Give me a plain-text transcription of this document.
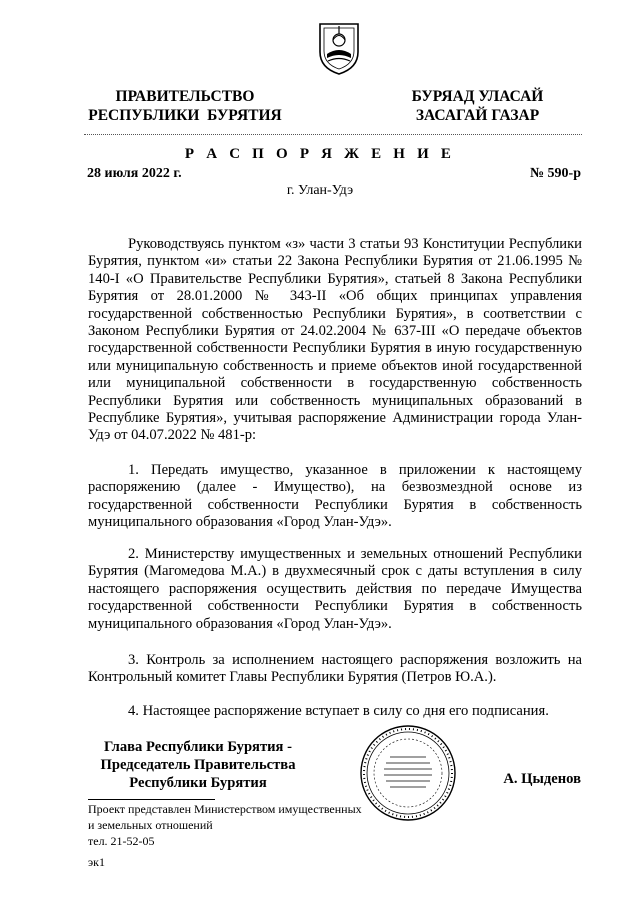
ПРАВИТЕЛЬСТВО
РЕСПУБЛИКИ  БУРЯТИЯ
БУРЯАД УЛАСАЙ
ЗАСАГАЙ ГАЗАР
Р А С П О Р Я Ж Е Н И Е
28 июля 2022 г.	№ 590-р
г. Улан-Удэ
Руководствуясь пунктом «з» части 3 статьи 93 Конституции Республики Бурятия, пунктом «и» статьи 22 Закона Республики Бурятия от 21.06.1995 № 140-I «О Правительстве Республики Бурятия», статьей 8 Закона Республики Бурятия от 28.01.2000 № 343-II «Об общих принципах управления государственной собственностью Республики Бурятия», в соответствии с Законом Республики Бурятия от 24.02.2004 № 637-III «О передаче объектов государственной собственности Республики Бурятия в иную государственную или муниципальную собственность и приеме объектов иной государственной или муниципальной собственности в государственную собственность Республики Бурятия или собственность муниципальных образований в Республике Бурятия», учитывая распоряжение Администрации города Улан-Удэ от 04.07.2022 № 481-р:
1. Передать имущество, указанное в приложении к настоящему распоряжению (далее - Имущество), на безвозмездной основе из государственной собственности Республики Бурятия в собственность муниципального образования «Город Улан-Удэ».
2. Министерству имущественных и земельных отношений Республики Бурятия (Магомедова М.А.) в двухмесячный срок с даты вступления в силу настоящего распоряжения осуществить действия по передаче Имущества государственной собственности Республики Бурятия в собственность муниципального образования «Город Улан-Удэ».
3. Контроль за исполнением настоящего распоряжения возложить на Контрольный комитет Главы Республики Бурятия (Петров Ю.А.).
4. Настоящее распоряжение вступает в силу со дня его подписания.
Глава Республики Бурятия -
Председатель Правительства
Республики Бурятия	А. Цыденов
Проект представлен Министерством имущественных
и земельных отношений
тел. 21-52-05
эк1
